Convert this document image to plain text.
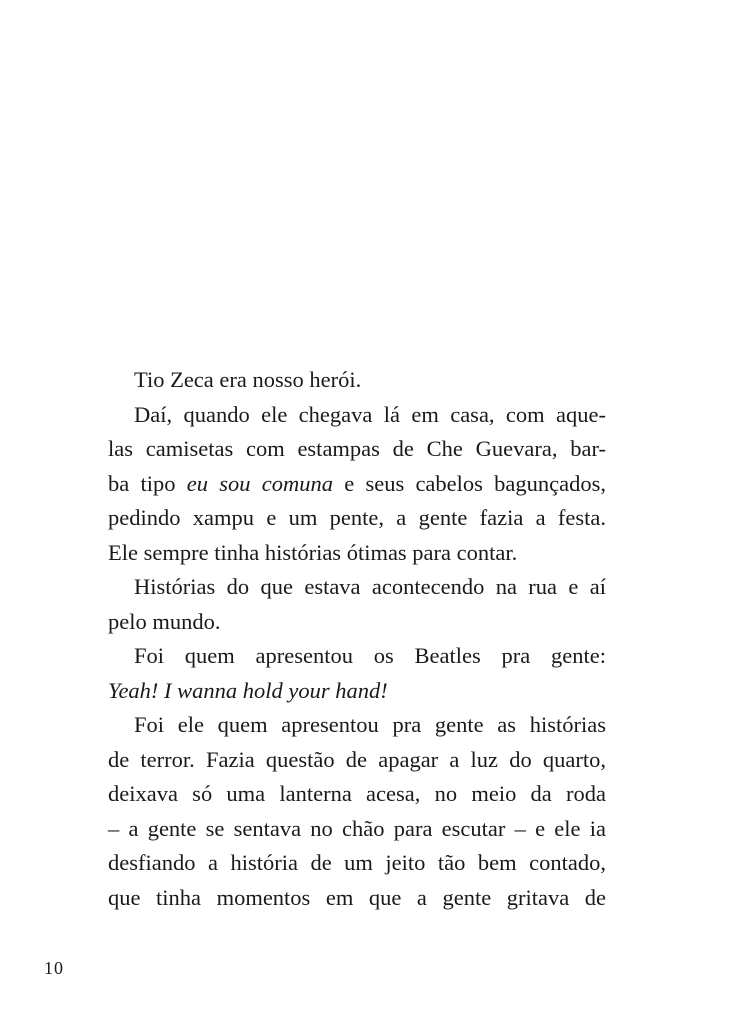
Tio Zeca era nosso herói.
Daí, quando ele chegava lá em casa, com aque-
las camisetas com estampas de Che Guevara, bar-
ba tipo eu sou comuna e seus cabelos bagunçados,
pedindo xampu e um pente, a gente fazia a festa.
Ele sempre tinha histórias ótimas para contar.
Histórias do que estava acontecendo na rua e aí
pelo mundo.
Foi quem apresentou os Beatles pra gente:
Yeah! I wanna hold your hand!
Foi ele quem apresentou pra gente as histórias
de terror. Fazia questão de apagar a luz do quarto,
deixava só uma lanterna acesa, no meio da roda
– a gente se sentava no chão para escutar – e ele ia
desfiando a história de um jeito tão bem contado,
que tinha momentos em que a gente gritava de
10
